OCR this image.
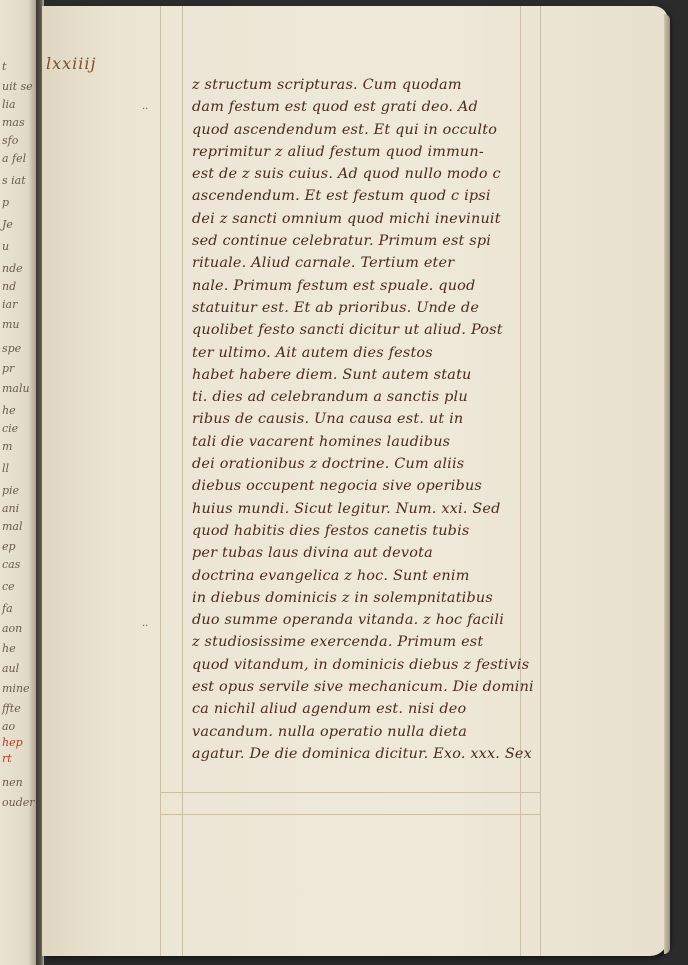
t
uit se
lia
mas
sfo
a fel
s iat
p
Je
u
nde
nd
iar
mu
spe
pr
malu
he
cie
m
ll
pie
ani
mal
ep
cas
ce
fa
aon
he
aul
mine
ffte
ao
hep
rt
nen
ouder
lxxiiij
..
..
z structum scripturas. Cum quodam
dam festum est quod est grati deo. Ad
quod ascendendum est. Et qui in occulto
reprimitur z aliud festum quod immun-
est de z suis cuius. Ad quod nullo modo c
ascendendum. Et est festum quod c ipsi
dei z sancti omnium quod michi inevinuit
sed continue celebratur. Primum est spi
rituale. Aliud carnale. Tertium eter
nale. Primum festum est spuale. quod
statuitur est. Et ab prioribus. Unde de
quolibet festo sancti dicitur ut aliud. Post
ter ultimo. Ait autem dies festos
habet habere diem. Sunt autem statu
ti. dies ad celebrandum a sanctis plu
ribus de causis. Una causa est. ut in
tali die vacarent homines laudibus
dei orationibus z doctrine. Cum aliis
diebus occupent negocia sive operibus
huius mundi. Sicut legitur. Num. xxi. Sed
quod habitis dies festos canetis tubis
per tubas laus divina aut devota
doctrina evangelica z hoc. Sunt enim
in diebus dominicis z in solempnitatibus
duo summe operanda vitanda. z hoc facili
z studiosissime exercenda. Primum est
quod vitandum, in dominicis diebus z festivis
est opus servile sive mechanicum. Die domini
ca nichil aliud agendum est. nisi deo
vacandum. nulla operatio nulla dieta
agatur. De die dominica dicitur. Exo. xxx. Sex
